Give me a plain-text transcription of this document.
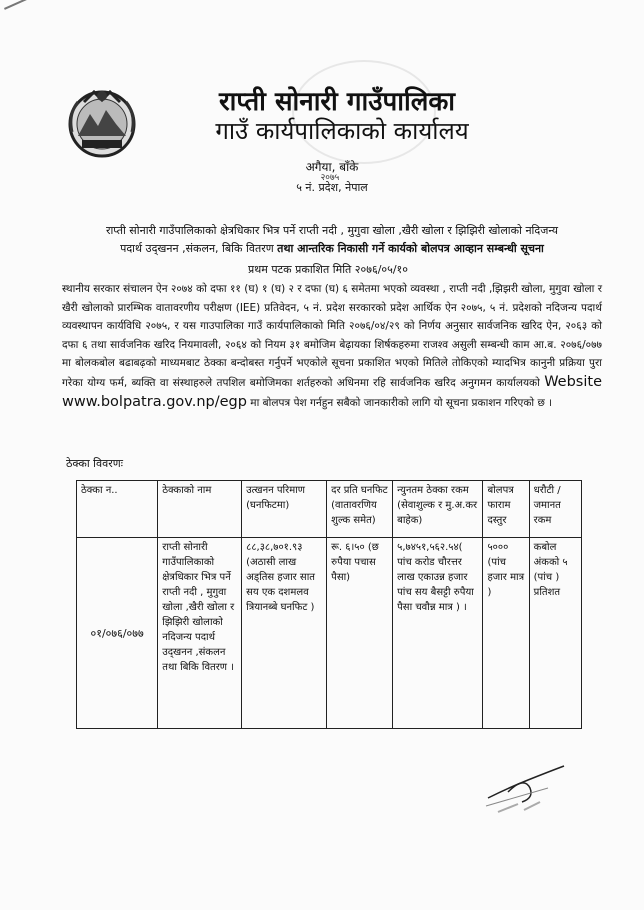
राप्ती सोनारी गाउँपालिका
गाउँ कार्यपालिकाको कार्यालय
अगैया, बाँके
२०७५
५ नं. प्रदेश, नेपाल
राप्ती सोनारी गाउँपालिकाको क्षेत्रधिकार भित्र पर्ने राप्ती नदी , मुगुवा खोला ,खैरी खोला र झिझिरी खोलाको नदिजन्य
पदार्थ उद्‌खनन ,संकलन, बिकि वितरण तथा आन्तरिक निकासी गर्ने कार्यको बोलपत्र आव्हान सम्बन्धी सूचना
प्रथम पटक प्रकाशित मिति २०७६/०५/१०
स्थानीय सरकार संचालन ऐन २०७४ को दफा ११ (घ) १ (घ) २ र दफा (घ) ६ समेतमा भएको व्यवस्था , राप्ती नदी ,झिझरी खोला, मुगुवा खोला र खैरी खोलाको प्रारम्भिक वातावरणीय परीक्षण (IEE) प्रतिवेदन, ५ नं. प्रदेश सरकारको प्रदेश आर्थिक ऐन २०७५, ५ नं. प्रदेशको नदिजन्य पदार्थ व्यवस्थापन कार्यविधि २०७५, र यस गाउपालिका गाउँ कार्यपालिकाको मिति २०७६/०४/२९ को निर्णय अनुसार सार्वजनिक खरिद ऐन, २०६३ को दफा ६ तथा सार्वजनिक खरिद नियमावली, २०६४ को नियम ३१ बमोजिम बेढ़ायका शिर्षकहरुमा राजश्व असुली सम्बन्धी काम आ.ब. २०७६/०७७ मा बोलकबोल बढाबढ़को माध्यमबाट ठेक्का बन्दोबस्त गर्नुपर्ने भएकोले सूचना प्रकाशित भएको मितिले तोकिएको म्यादभित्र कानुनी प्रक्रिया पुरा गरेका योग्य फर्म, ब्यक्ति वा संस्थाहरुले तपशिल बमोजिमका शर्तहरुको अधिनमा रहि सार्वजनिक खरिद अनुगमन कार्यालयको Website www.bolpatra.gov.np/egp मा बोलपत्र पेश गर्नहुन सबैको जानकारीको लागि यो सूचना प्रकाशन गरिएको छ ।
ठेक्का विवरणः
ठेक्का न..	ठेक्काको नाम	उत्खनन परिमाण (घनफिटमा)	दर प्रति घनफिट (वातावरणिय शुल्क समेत)	न्युनतम ठेक्का रकम (सेवाशुल्क र मु.अ.कर बाहेक)	बोलपत्र फाराम दस्तुर	धरौटी / जमानत रकम
०१/०७६/०७७	राप्ती सोनारी गाउँपालिकाको क्षेत्रधिकार भित्र पर्ने राप्ती नदी , मुगुवा खोला ,खैरी खोला र झिझिरी खोलाको नदिजन्य पदार्थ उद्‌खनन ,संकलन तथा बिकि वितरण ।	८८,३८,७०१.९३ (अठासी लाख अड्तिस हजार सात सय एक दशमलव त्रियानब्बे घनफिट )	रू. ६।५० (छ रुपैया पचास पैसा)	५,७४५१,५६२.५४( पांच करोड चौरत्तर लाख एकाउन्न हजार पांच सय बैसट्टी रुपैया पैसा चवौन्न मात्र ) ।	५००० (पांच हजार मात्र )	कबोल अंकको ५ (पांच ) प्रतिशत
